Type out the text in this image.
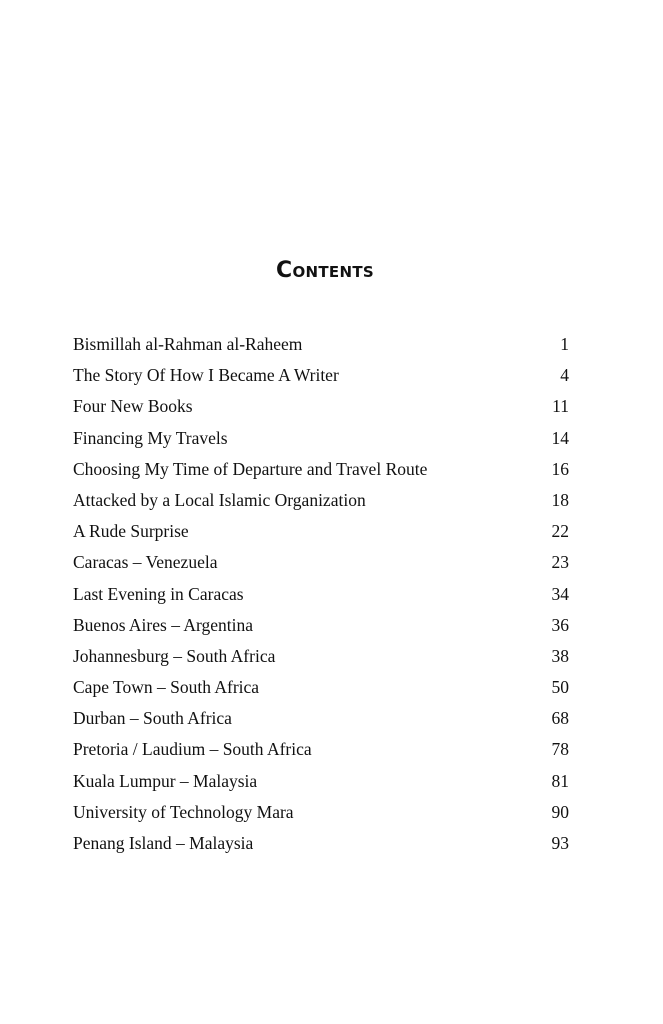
Contents
Bismillah al-Rahman al-Raheem	1
The Story Of How I Became A Writer	4
Four New Books	11
Financing My Travels	14
Choosing My Time of Departure and Travel Route	16
Attacked by a Local Islamic Organization	18
A Rude Surprise	22
Caracas – Venezuela	23
Last Evening in Caracas	34
Buenos Aires – Argentina	36
Johannesburg – South Africa	38
Cape Town – South Africa	50
Durban – South Africa	68
Pretoria / Laudium – South Africa	78
Kuala Lumpur – Malaysia	81
University of Technology Mara	90
Penang Island – Malaysia	93
